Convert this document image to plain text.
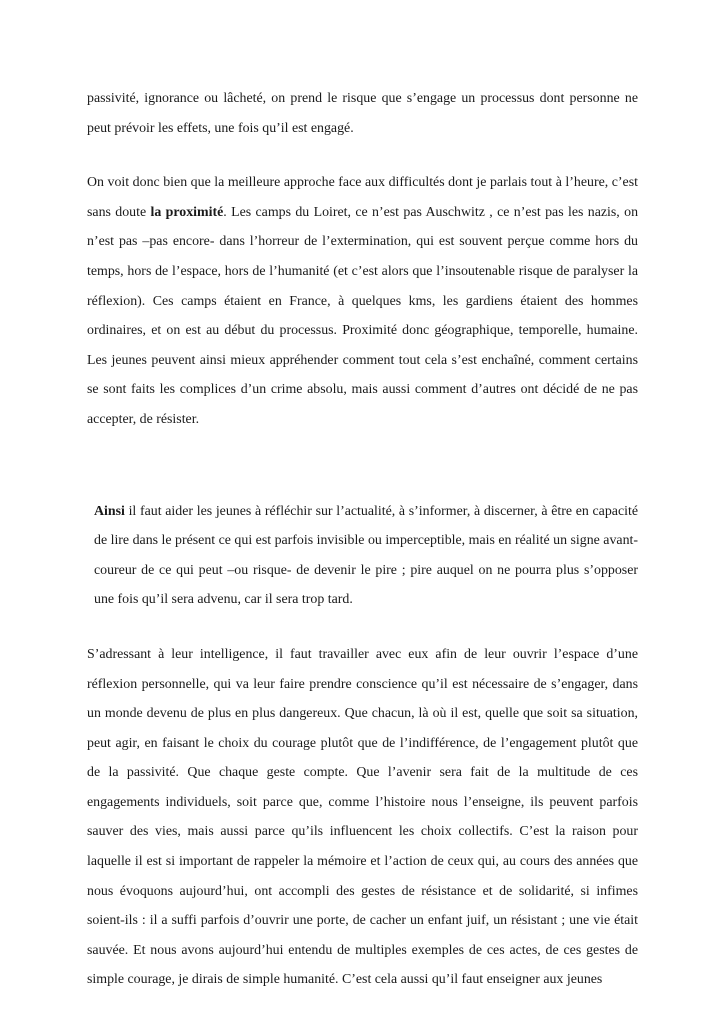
passivité, ignorance ou lâcheté, on prend le risque que s’engage un processus dont personne ne peut prévoir les effets, une fois qu’il est engagé.

On voit donc bien que la meilleure approche face aux difficultés dont je parlais tout à l’heure, c’est sans doute la proximité. Les camps du Loiret, ce n’est pas Auschwitz , ce n’est pas les nazis, on n’est pas –pas encore- dans l’horreur de l’extermination, qui est souvent perçue comme hors du temps, hors de l’espace, hors de l’humanité (et c’est alors que l’insoutenable risque de paralyser la réflexion). Ces camps étaient en France, à quelques kms, les gardiens étaient des hommes ordinaires, et on est au début du processus. Proximité donc géographique, temporelle, humaine. Les jeunes peuvent ainsi mieux appréhender comment tout cela s’est enchaîné, comment certains se sont faits les complices d’un crime absolu, mais aussi comment d’autres ont décidé de ne pas accepter, de résister.

Ainsi il faut aider les jeunes à réfléchir sur l’actualité, à s’informer, à discerner, à être en capacité de lire dans le présent ce qui est parfois invisible ou imperceptible, mais en réalité un signe avant-coureur de ce qui peut –ou risque- de devenir le pire ; pire auquel on ne pourra plus s’opposer une fois qu’il sera advenu, car il sera trop tard.

S’adressant à leur intelligence, il faut travailler avec eux afin de leur ouvrir l’espace d’une réflexion personnelle, qui va leur faire prendre conscience qu’il est nécessaire de s’engager, dans un monde devenu de plus en plus dangereux. Que chacun, là où il est, quelle que soit sa situation, peut agir, en faisant le choix du courage plutôt que de l’indifférence, de l’engagement plutôt que de la passivité. Que chaque geste compte. Que l’avenir sera fait de la multitude de ces engagements individuels, soit parce que, comme l’histoire nous l’enseigne, ils peuvent parfois sauver des vies, mais aussi parce qu’ils influencent les choix collectifs. C’est la raison pour laquelle il est si important de rappeler la mémoire et l’action de ceux qui, au cours des années que nous évoquons aujourd’hui, ont accompli des gestes de résistance et de solidarité, si infimes soient-ils : il a suffi parfois d’ouvrir une porte, de cacher un enfant juif, un résistant ; une vie était sauvée. Et nous avons aujourd’hui entendu de multiples exemples de ces actes, de ces gestes de simple courage, je dirais de simple humanité. C’est cela aussi qu’il faut enseigner aux jeunes
